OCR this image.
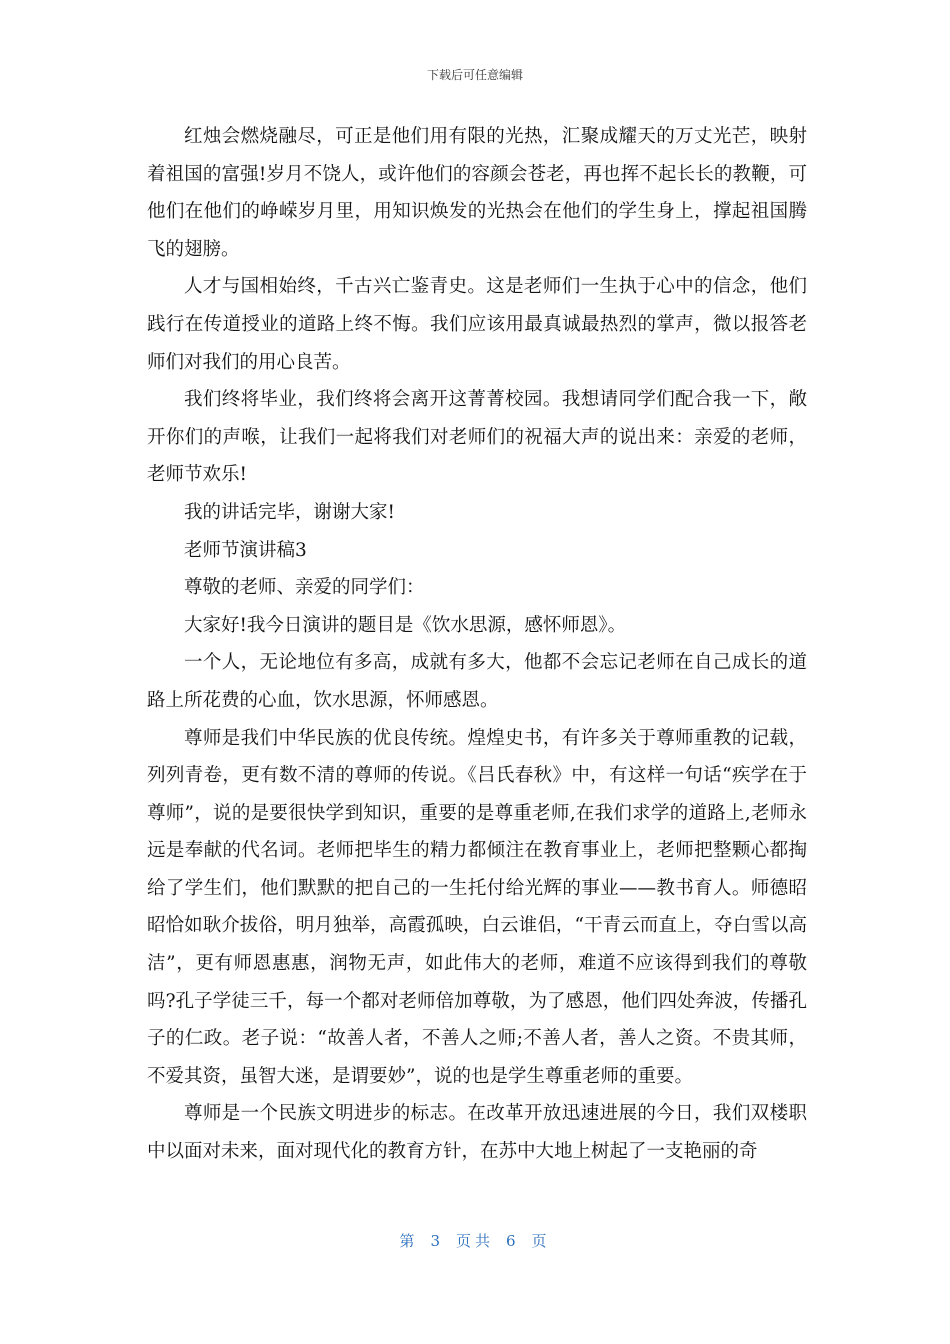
下载后可任意编辑

红烛会燃烧融尽，可正是他们用有限的光热，汇聚成耀天的万丈光芒，映射着祖国的富强!岁月不饶人，或许他们的容颜会苍老，再也挥不起长长的教鞭，可他们在他们的峥嵘岁月里，用知识焕发的光热会在他们的学生身上，撑起祖国腾飞的翅膀。

人才与国相始终，千古兴亡鉴青史。这是老师们一生执于心中的信念，他们践行在传道授业的道路上终不悔。我们应该用最真诚最热烈的掌声，微以报答老师们对我们的用心良苦。

我们终将毕业，我们终将会离开这菁菁校园。我想请同学们配合我一下，敞开你们的声喉，让我们一起将我们对老师们的祝福大声的说出来：亲爱的老师，老师节欢乐!

我的讲话完毕，谢谢大家!

老师节演讲稿3

尊敬的老师、亲爱的同学们：

大家好!我今日演讲的题目是《饮水思源，感怀师恩》。

一个人，无论地位有多高，成就有多大，他都不会忘记老师在自己成长的道路上所花费的心血，饮水思源，怀师感恩。

尊师是我们中华民族的优良传统。煌煌史书，有许多关于尊师重教的记载，列列青卷，更有数不清的尊师的传说。《吕氏春秋》中，有这样一句话“疾学在于尊师”，说的是要很快学到知识，重要的是尊重老师,在我们求学的道路上,老师永远是奉献的代名词。老师把毕生的精力都倾注在教育事业上，老师把整颗心都掏给了学生们，他们默默的把自己的一生托付给光辉的事业——教书育人。师德昭昭恰如耿介拔俗，明月独举，高霞孤映，白云谁侣，“干青云而直上，夺白雪以高洁”，更有师恩惠惠，润物无声，如此伟大的老师，难道不应该得到我们的尊敬吗?孔子学徒三千，每一个都对老师倍加尊敬，为了感恩，他们四处奔波，传播孔子的仁政。老子说：“故善人者，不善人之师;不善人者，善人之资。不贵其师，不爱其资，虽智大迷，是谓要妙”，说的也是学生尊重老师的重要。

尊师是一个民族文明进步的标志。在改革开放迅速进展的今日，我们双楼职中以面对未来，面对现代化的教育方针，在苏中大地上树起了一支艳丽的奇

第 3 页共 6 页
